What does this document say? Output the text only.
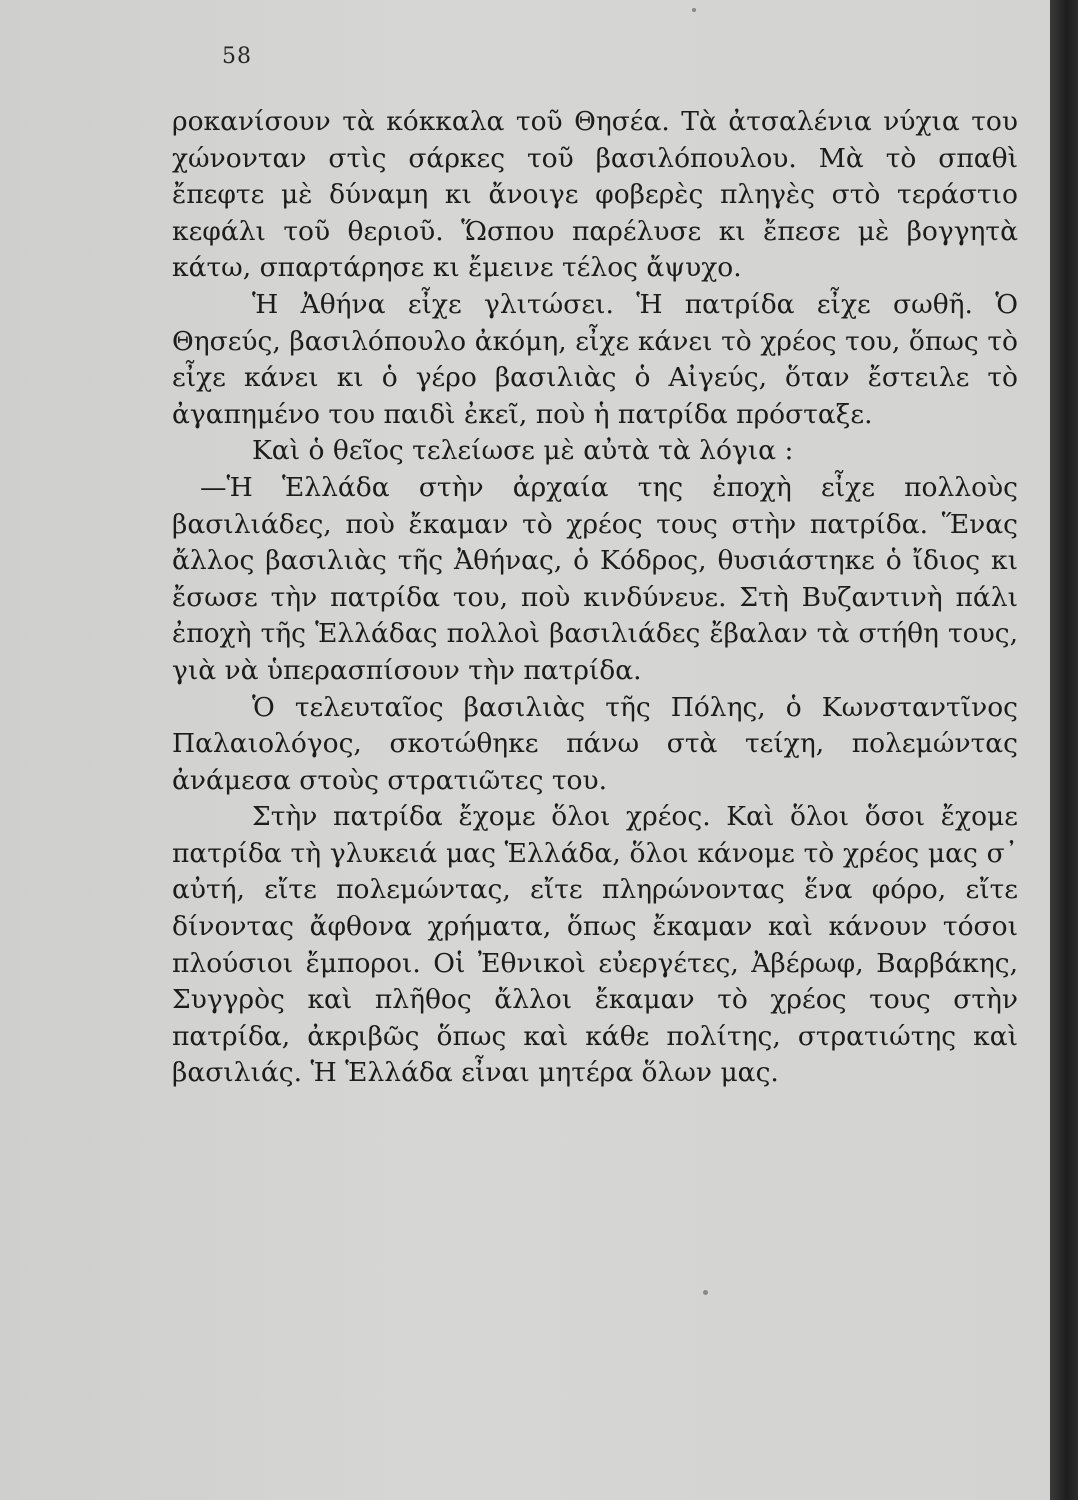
58

ροκανίσουν τὰ κόκκαλα τοῦ Θησέα. Τὰ ἀτσαλένια νύχια του χώνονταν στὶς σάρκες τοῦ βασιλόπουλου. Μὰ τὸ σπαθὶ ἔπεφτε μὲ δύναμη κι ἄνοιγε φοβερὲς πληγὲς στὸ τεράστιο κεφάλι τοῦ θεριοῦ. Ὥσπου παρέλυσε κι ἔπεσε μὲ βογγητὰ κάτω, σπαρτάρησε κι ἔμεινε τέλος ἄψυχο.

Ἡ Ἀθήνα εἶχε γλιτώσει. Ἡ πατρίδα εἶχε σωθῆ. Ὁ Θησεύς, βασιλόπουλο ἀκόμη, εἶχε κάνει τὸ χρέος του, ὅπως τὸ εἶχε κάνει κι ὁ γέρο βασιλιὰς ὁ Αἰγεύς, ὅταν ἔστειλε τὸ ἀγαπημένο του παιδὶ ἐκεῖ, ποὺ ἡ πατρίδα πρόσταξε.

Καὶ ὁ θεῖος τελείωσε μὲ αὐτὰ τὰ λόγια :

—Ἡ Ἑλλάδα στὴν ἀρχαία της ἐποχὴ εἶχε πολλοὺς βασιλιάδες, ποὺ ἔκαμαν τὸ χρέος τους στὴν πατρίδα. Ἕνας ἄλλος βασιλιὰς τῆς Ἀθήνας, ὁ Κόδρος, θυσιάστηκε ὁ ἴδιος κι ἔσωσε τὴν πατρίδα του, ποὺ κινδύνευε. Στὴ Βυζαντινὴ πάλι ἐποχὴ τῆς Ἑλλάδας πολλοὶ βασιλιάδες ἔβαλαν τὰ στήθη τους, γιὰ νὰ ὑπερασπίσουν τὴν πατρίδα.

Ὁ τελευταῖος βασιλιὰς τῆς Πόλης, ὁ Κωνσταντῖνος Παλαιολόγος, σκοτώθηκε πάνω στὰ τείχη, πολεμώντας ἀνάμεσα στοὺς στρατιῶτες του.

Στὴν πατρίδα ἔχομε ὅλοι χρέος. Καὶ ὅλοι ὅσοι ἔχομε πατρίδα τὴ γλυκειά μας Ἑλλάδα, ὅλοι κάνομε τὸ χρέος μας σ᾽ αὐτή, εἴτε πολεμώντας, εἴτε πληρώνοντας ἕνα φόρο, εἴτε δίνοντας ἄφθονα χρήματα, ὅπως ἔκαμαν καὶ κάνουν τόσοι πλούσιοι ἔμποροι. Οἱ Ἐθνικοὶ εὐεργέτες, Ἀβέρωφ, Βαρβάκης, Συγγρὸς καὶ πλῆθος ἄλλοι ἔκαμαν τὸ χρέος τους στὴν πατρίδα, ἀκριβῶς ὅπως καὶ κάθε πολίτης, στρατιώτης καὶ βασιλιάς. Ἡ Ἑλλάδα εἶναι μητέρα ὅλων μας.
